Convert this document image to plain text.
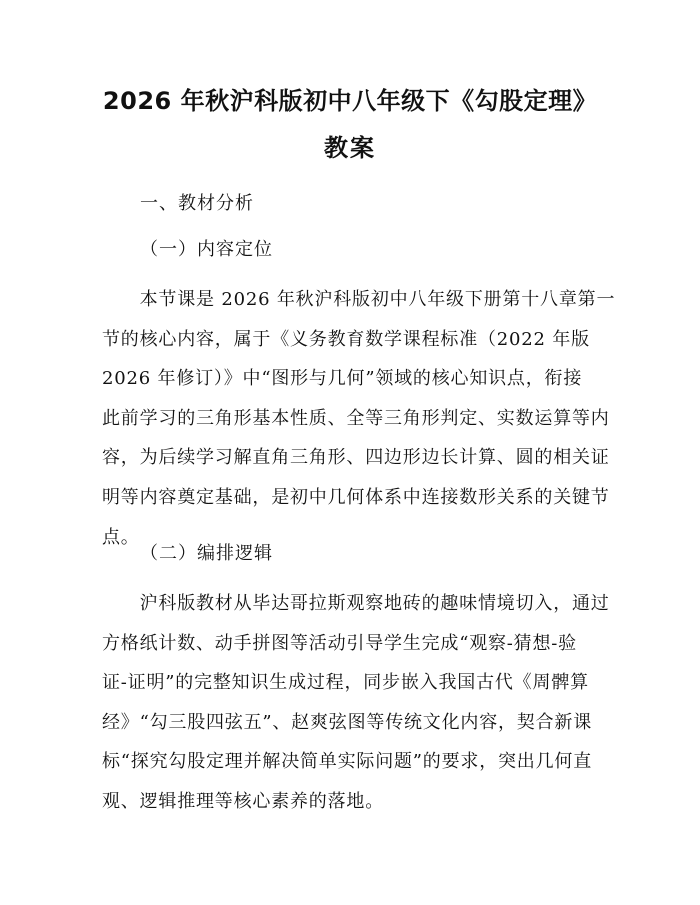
2026 年秋沪科版初中八年级下《勾股定理》
教案
一、教材分析
（一）内容定位
　　本节课是 2026 年秋沪科版初中八年级下册第十八章第一
节的核心内容，属于《义务教育数学课程标准（2022 年版
2026 年修订）》中“图形与几何”领域的核心知识点，衔接
此前学习的三角形基本性质、全等三角形判定、实数运算等内
容，为后续学习解直角三角形、四边形边长计算、圆的相关证
明等内容奠定基础，是初中几何体系中连接数形关系的关键节
点。
（二）编排逻辑
　　沪科版教材从毕达哥拉斯观察地砖的趣味情境切入，通过
方格纸计数、动手拼图等活动引导学生完成“观察-猜想-验
证-证明”的完整知识生成过程，同步嵌入我国古代《周髀算
经》“勾三股四弦五”、赵爽弦图等传统文化内容，契合新课
标“探究勾股定理并解决简单实际问题”的要求，突出几何直
观、逻辑推理等核心素养的落地。
